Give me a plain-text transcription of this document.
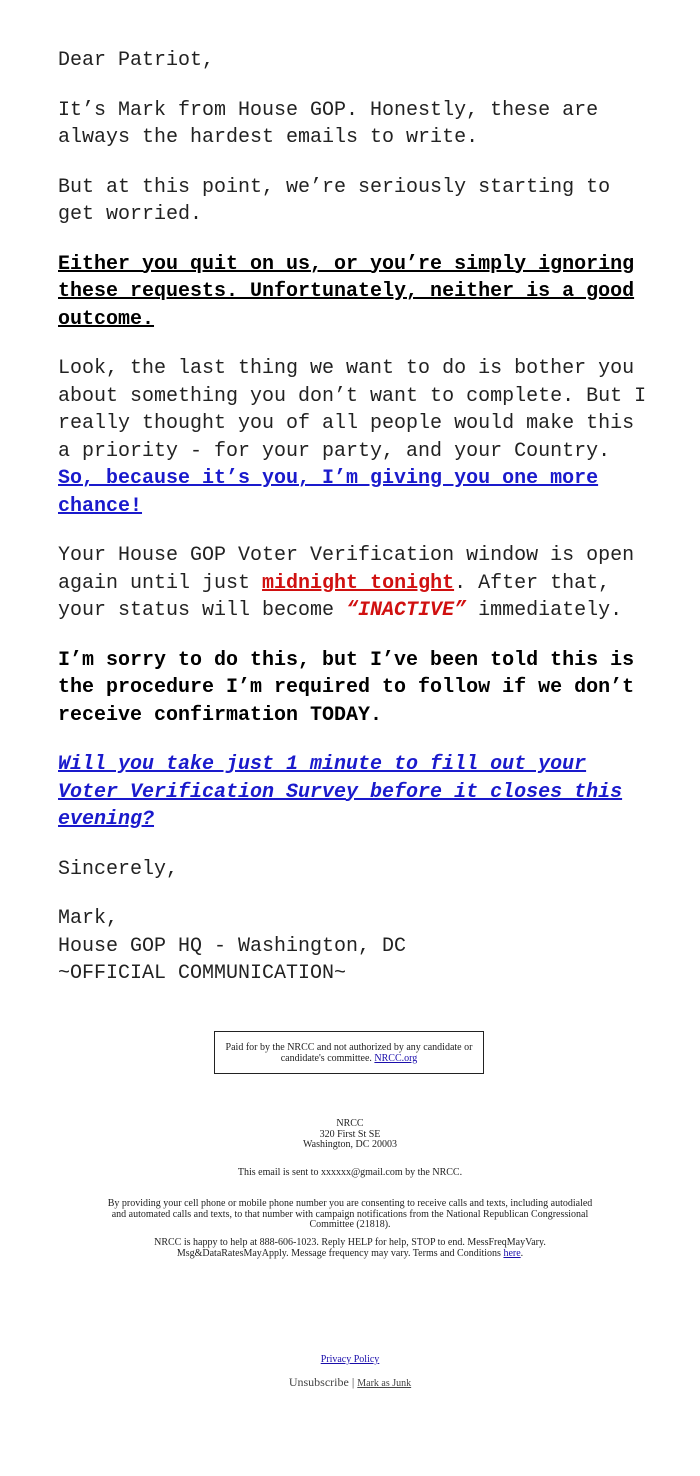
Dear Patriot,

It’s Mark from House GOP. Honestly, these are always the hardest emails to write.

But at this point, we’re seriously starting to get worried.

Either you quit on us, or you’re simply ignoring these requests. Unfortunately, neither is a good outcome.

Look, the last thing we want to do is bother you about something you don’t want to complete. But I really thought you of all people would make this a priority - for your party, and your Country. So, because it’s you, I’m giving you one more chance!

Your House GOP Voter Verification window is open again until just midnight tonight. After that, your status will become “INACTIVE” immediately.

I’m sorry to do this, but I’ve been told this is the procedure I’m required to follow if we don’t receive confirmation TODAY.

Will you take just 1 minute to fill out your Voter Verification Survey before it closes this evening?

Sincerely,

Mark,
House GOP HQ - Washington, DC
~OFFICIAL COMMUNICATION~
Paid for by the NRCC and not authorized by any candidate or candidate's committee. NRCC.org
NRCC
320 First St SE
Washington, DC 20003
This email is sent to xxxxxx@gmail.com by the NRCC.
By providing your cell phone or mobile phone number you are consenting to receive calls and texts, including autodialed and automated calls and texts, to that number with campaign notifications from the National Republican Congressional Committee (21818).
NRCC is happy to help at 888-606-1023. Reply HELP for help, STOP to end. MessFreqMayVary. Msg&DataRatesMayApply. Message frequency may vary. Terms and Conditions here.
Privacy Policy
Unsubscribe | Mark as Junk
